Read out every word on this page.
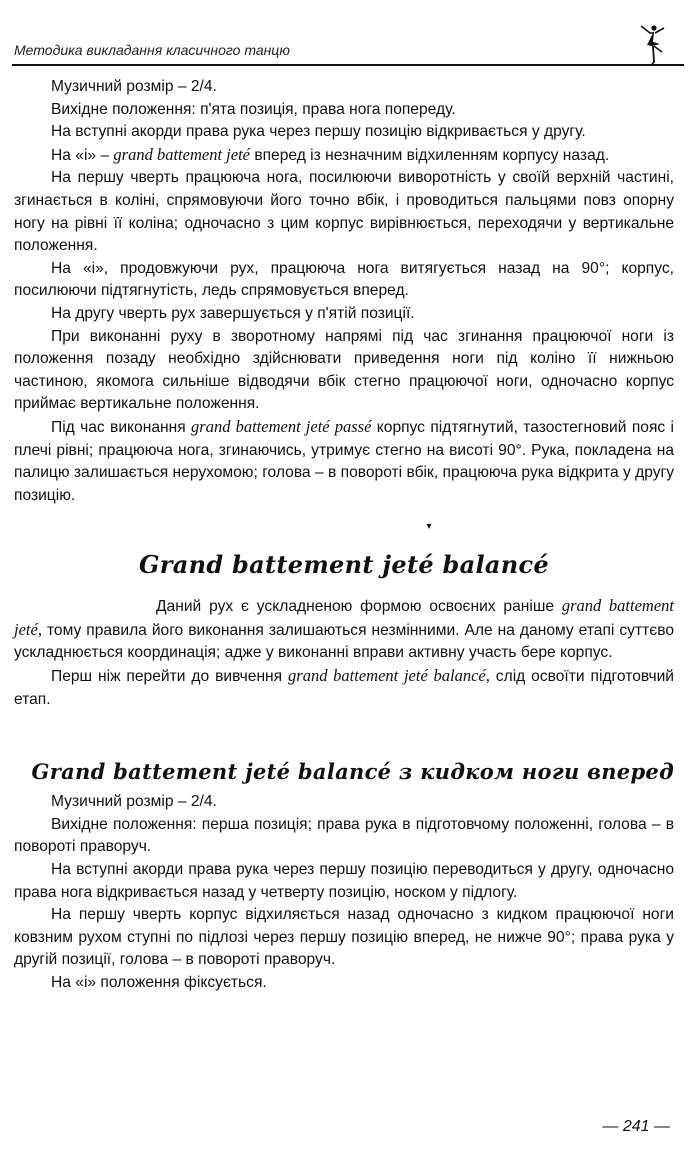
Методика викладання класичного танцю

Музичний розмір – 2/4.

Вихідне положення: п'ята позиція, права нога попереду.

На вступні акорди права рука через першу позицію відкривається у другу.

На «і» – grand battement jeté вперед із незначним відхиленням корпусу назад.

На першу чверть працююча нога, посилюючи виворотність у своїй верхній частині, згинається в коліні, спрямовуючи його точно вбік, і проводиться пальцями повз опорну ногу на рівні її коліна; одночасно з цим корпус вирівнюється, переходячи у вертикальне положення.

На «і», продовжуючи рух, працююча нога витягується назад на 90°; корпус, посилюючи підтягнутість, ледь спрямовується вперед.

На другу чверть рух завершується у п'ятій позиції.

При виконанні руху в зворотному напрямі під час згинання працюючої ноги із положення позаду необхідно здійснювати приведення ноги під коліно її нижньою частиною, якомога сильніше відводячи вбік стегно працюючої ноги, одночасно корпус приймає вертикальне положення.

Під час виконання grand battement jeté passé корпус підтягнутий, тазостегновий пояс і плечі рівні; працююча нога, згинаючись, утримує стегно на висоті 90°. Рука, покладена на палицю залишається нерухомою; голова – в повороті вбік, працююча рука відкрита у другу позицію.

▾
Grand battement jeté balancé

Даний рух є ускладненою формою освоєних раніше grand battement jeté, тому правила його виконання залишаються незмінними. Але на даному етапі суттєво ускладнюється координація; адже у виконанні вправи активну участь бере корпус.

Перш ніж перейти до вивчення grand battement jeté balancé, слід освоїти підготовчий етап.

Grand battement jeté balancé з кидком ноги вперед

Музичний розмір – 2/4.

Вихідне положення: перша позиція; права рука в підготовчому положенні, голова – в повороті праворуч.

На вступні акорди права рука через першу позицію переводиться у другу, одночасно права нога відкривається назад у четверту позицію, носком у підлогу.

На першу чверть корпус відхиляється назад одночасно з кидком працюючої ноги ковзним рухом ступні по підлозі через першу позицію вперед, не нижче 90°; права рука у другій позиції, голова – в повороті праворуч.

На «і» положення фіксується.

— 241 —
